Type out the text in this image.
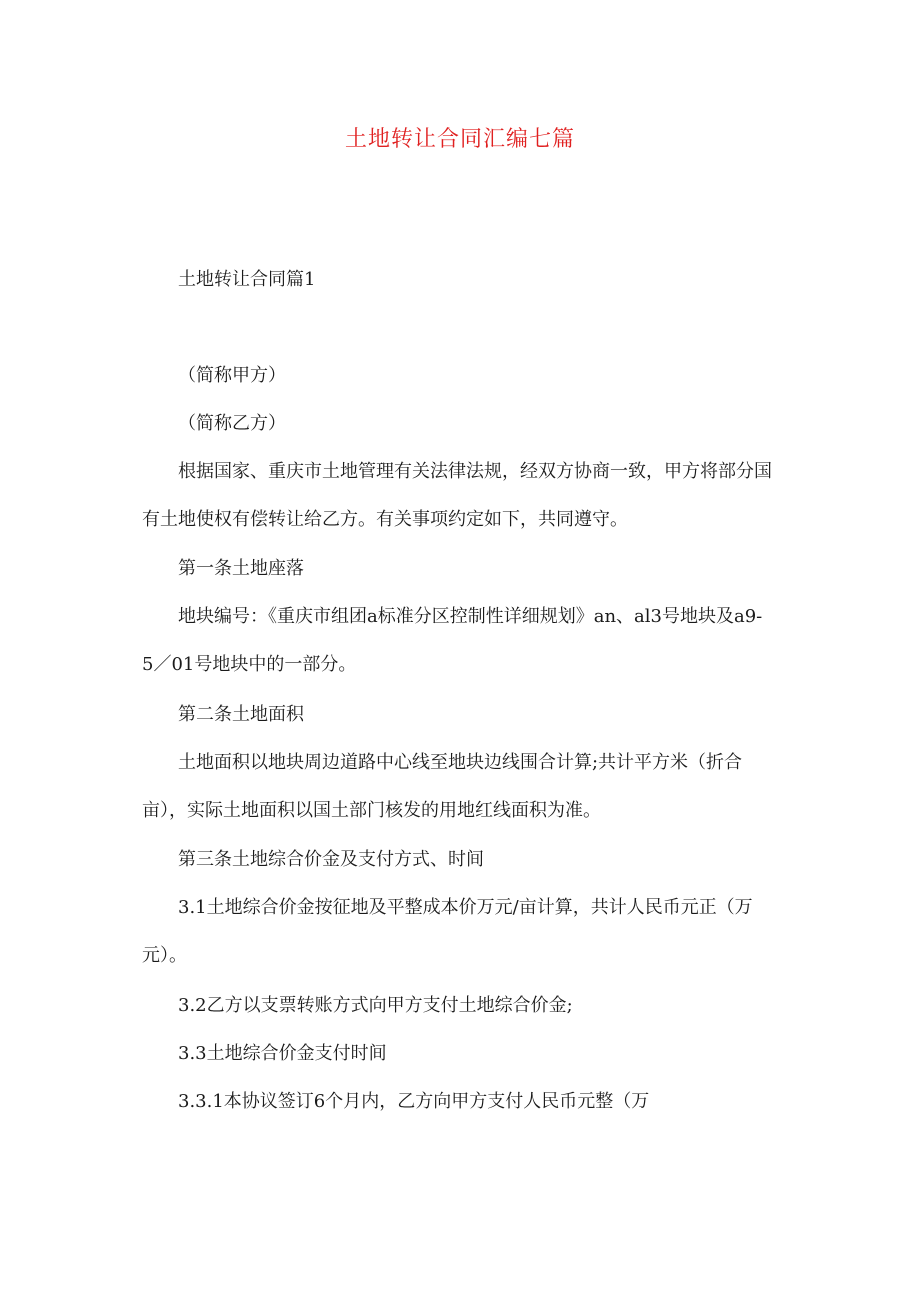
土地转让合同汇编七篇
土地转让合同篇1
（简称甲方）
（简称乙方）
根据国家、重庆市土地管理有关法律法规，经双方协商一致，甲方将部分国
有土地使权有偿转让给乙方。有关事项约定如下，共同遵守。
第一条土地座落
地块编号：《重庆市组团a标准分区控制性详细规划》an、al3号地块及a9-
5／01号地块中的一部分。
第二条土地面积
土地面积以地块周边道路中心线至地块边线围合计算;共计平方米（折合
亩），实际土地面积以国土部门核发的用地红线面积为准。
第三条土地综合价金及支付方式、时间
3.1土地综合价金按征地及平整成本价万元/亩计算，共计人民币元正（万
元）。
3.2乙方以支票转账方式向甲方支付土地综合价金;
3.3土地综合价金支付时间
3.3.1本协议签订6个月内，乙方向甲方支付人民币元整（万
